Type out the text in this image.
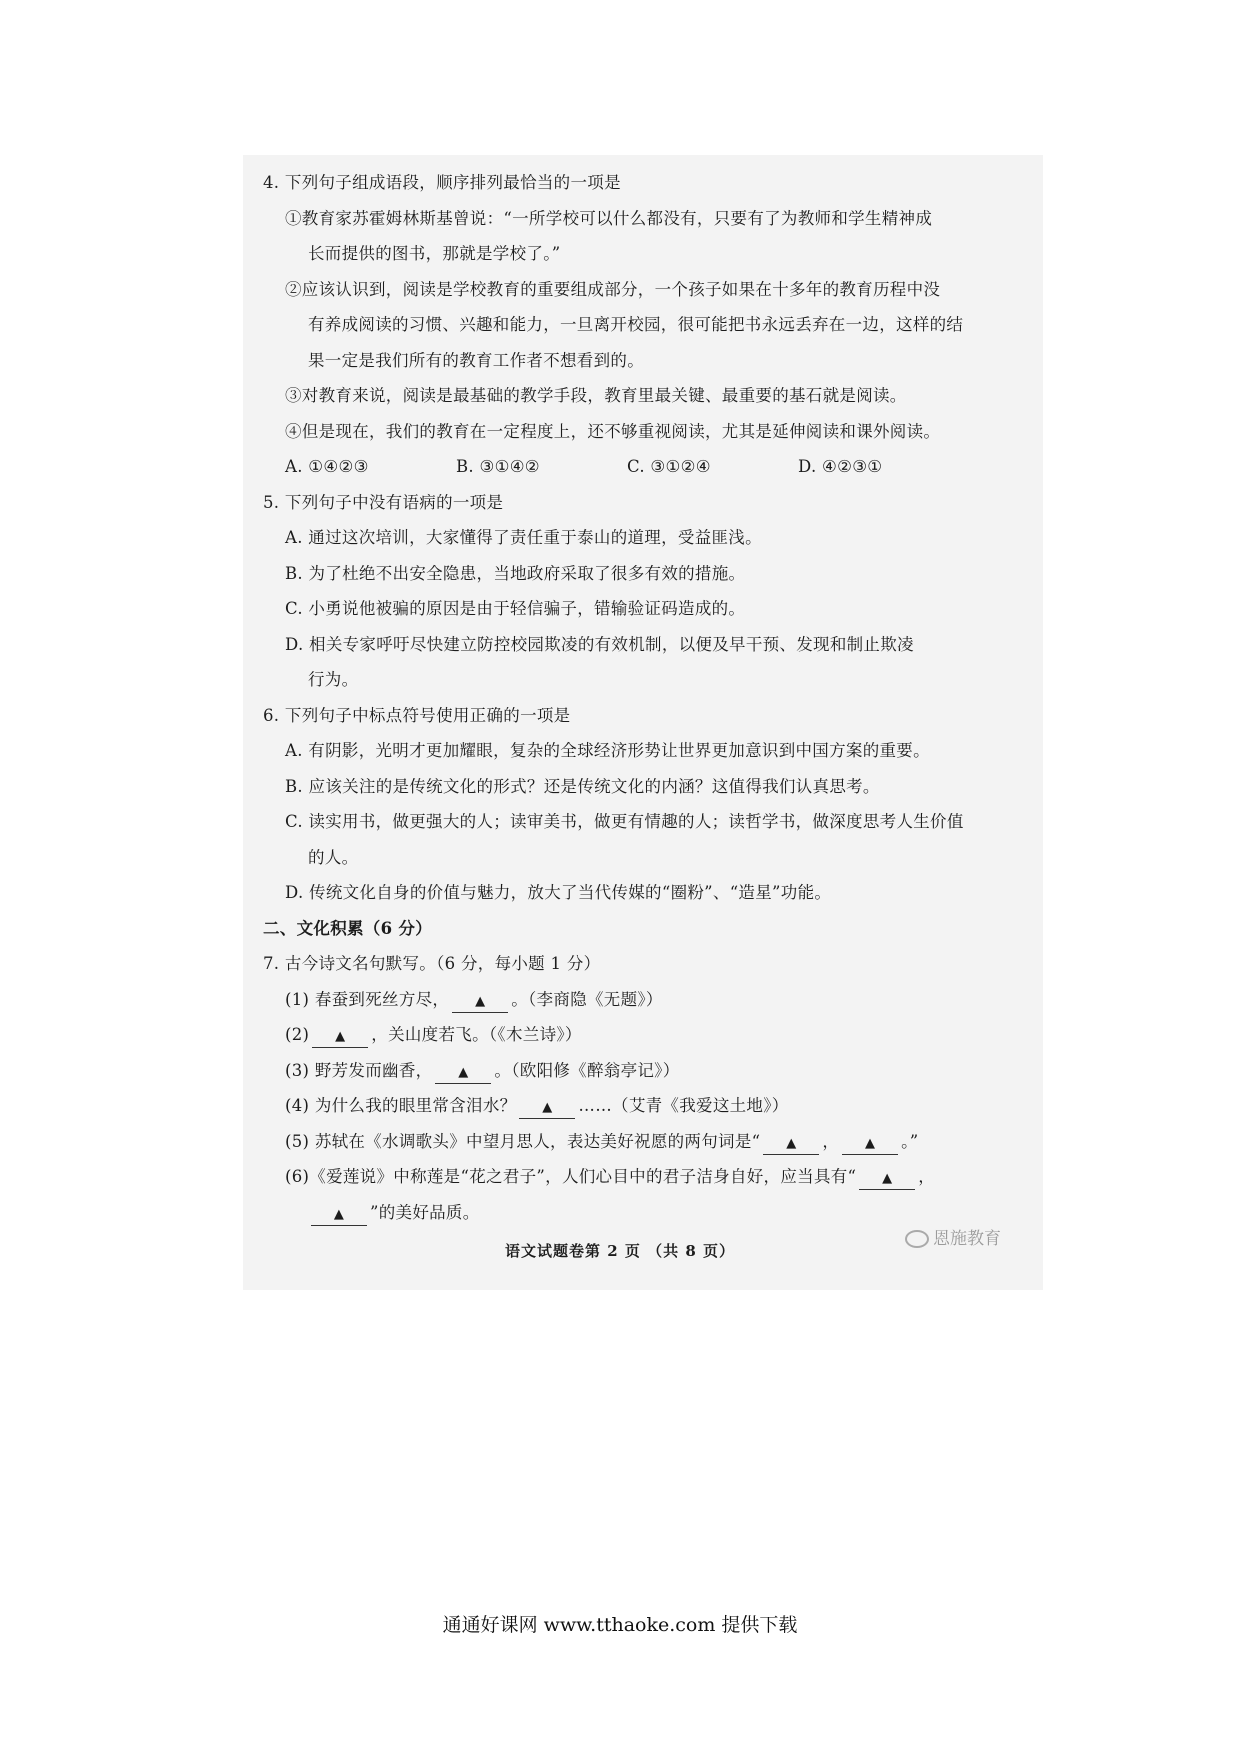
4. 下列句子组成语段，顺序排列最恰当的一项是
①教育家苏霍姆林斯基曾说：“一所学校可以什么都没有，只要有了为教师和学生精神成
长而提供的图书，那就是学校了。”
②应该认识到，阅读是学校教育的重要组成部分，一个孩子如果在十多年的教育历程中没
有养成阅读的习惯、兴趣和能力，一旦离开校园，很可能把书永远丢弃在一边，这样的结
果一定是我们所有的教育工作者不想看到的。
③对教育来说，阅读是最基础的教学手段，教育里最关键、最重要的基石就是阅读。
④但是现在，我们的教育在一定程度上，还不够重视阅读，尤其是延伸阅读和课外阅读。
A. ①④②③	B. ③①④②	C. ③①②④	D. ④②③①
5. 下列句子中没有语病的一项是
A. 通过这次培训，大家懂得了责任重于泰山的道理，受益匪浅。
B. 为了杜绝不出安全隐患，当地政府采取了很多有效的措施。
C. 小勇说他被骗的原因是由于轻信骗子，错输验证码造成的。
D. 相关专家呼吁尽快建立防控校园欺凌的有效机制，以便及早干预、发现和制止欺凌
行为。
6. 下列句子中标点符号使用正确的一项是
A. 有阴影，光明才更加耀眼，复杂的全球经济形势让世界更加意识到中国方案的重要。
B. 应该关注的是传统文化的形式？还是传统文化的内涵？这值得我们认真思考。
C. 读实用书，做更强大的人；读审美书，做更有情趣的人；读哲学书，做深度思考人生价值
的人。
D. 传统文化自身的价值与魅力，放大了当代传媒的“圈粉”、“造星”功能。
二、文化积累（6 分）
7. 古今诗文名句默写。（6 分，每小题 1 分）
(1) 春蚕到死丝方尽， ▲ 。（李商隐《无题》）
(2) ▲ ，关山度若飞。（《木兰诗》）
(3) 野芳发而幽香， ▲ 。（欧阳修《醉翁亭记》）
(4) 为什么我的眼里常含泪水？ ▲ ……（艾青《我爱这土地》）
(5) 苏轼在《水调歌头》中望月思人，表达美好祝愿的两句词是“ ▲ ， ▲ 。”
(6)《爱莲说》中称莲是“花之君子”，人们心目中的君子洁身自好，应当具有“ ▲ ，
▲ ”的美好品质。
恩施教育
语文试题卷第 2 页 （共 8 页）
通通好课网 www.tthaoke.com 提供下载
